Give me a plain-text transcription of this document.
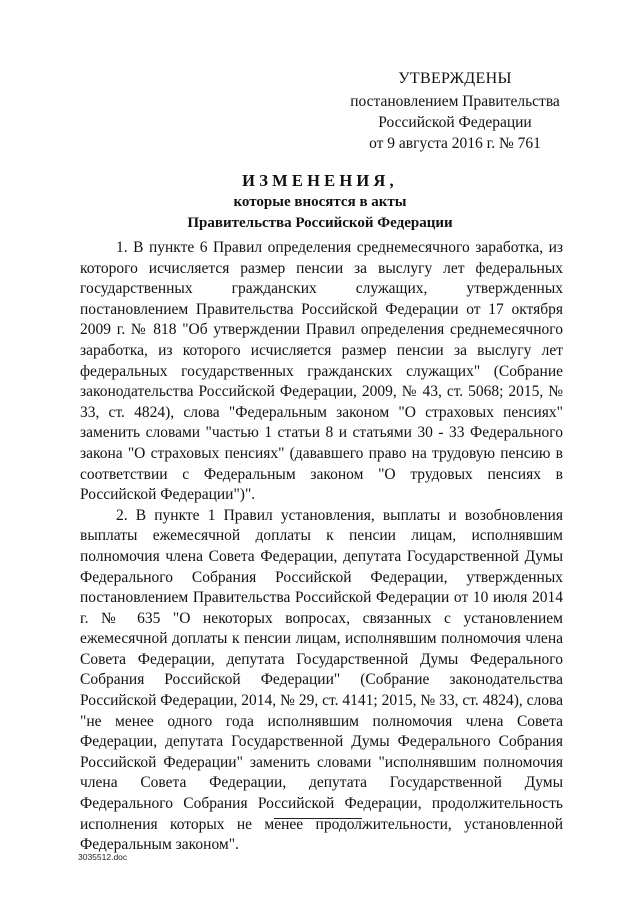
УТВЕРЖДЕНЫ
постановлением Правительства
Российской Федерации
от 9 августа 2016 г. № 761
ИЗМЕНЕНИЯ,
которые вносятся в акты
Правительства Российской Федерации

1. В пункте 6 Правил определения среднемесячного заработка, из которого исчисляется размер пенсии за выслугу лет федеральных государственных гражданских служащих, утвержденных постановлением Правительства Российской Федерации от 17 октября 2009 г. № 818 "Об утверждении Правил определения среднемесячного заработка, из которого исчисляется размер пенсии за выслугу лет федеральных государственных гражданских служащих" (Собрание законодательства Российской Федерации, 2009, № 43, ст. 5068; 2015, № 33, ст. 4824), слова "Федеральным законом "О страховых пенсиях" заменить словами "частью 1 статьи 8 и статьями 30 - 33 Федерального закона "О страховых пенсиях" (дававшего право на трудовую пенсию в соответствии с Федеральным законом "О трудовых пенсиях в Российской Федерации")".

2. В пункте 1 Правил установления, выплаты и возобновления выплаты ежемесячной доплаты к пенсии лицам, исполнявшим полномочия члена Совета Федерации, депутата Государственной Думы Федерального Собрания Российской Федерации, утвержденных постановлением Правительства Российской Федерации от 10 июля 2014 г. № 635 "О некоторых вопросах, связанных с установлением ежемесячной доплаты к пенсии лицам, исполнявшим полномочия члена Совета Федерации, депутата Государственной Думы Федерального Собрания Российской Федерации" (Собрание законодательства Российской Федерации, 2014, № 29, ст. 4141; 2015, № 33, ст. 4824), слова "не менее одного года исполнявшим полномочия члена Совета Федерации, депутата Государственной Думы Федерального Собрания Российской Федерации" заменить словами "исполнявшим полномочия члена Совета Федерации, депутата Государственной Думы Федерального Собрания Российской Федерации, продолжительность исполнения которых не менее продолжительности, установленной Федеральным законом".

3035512.doc
